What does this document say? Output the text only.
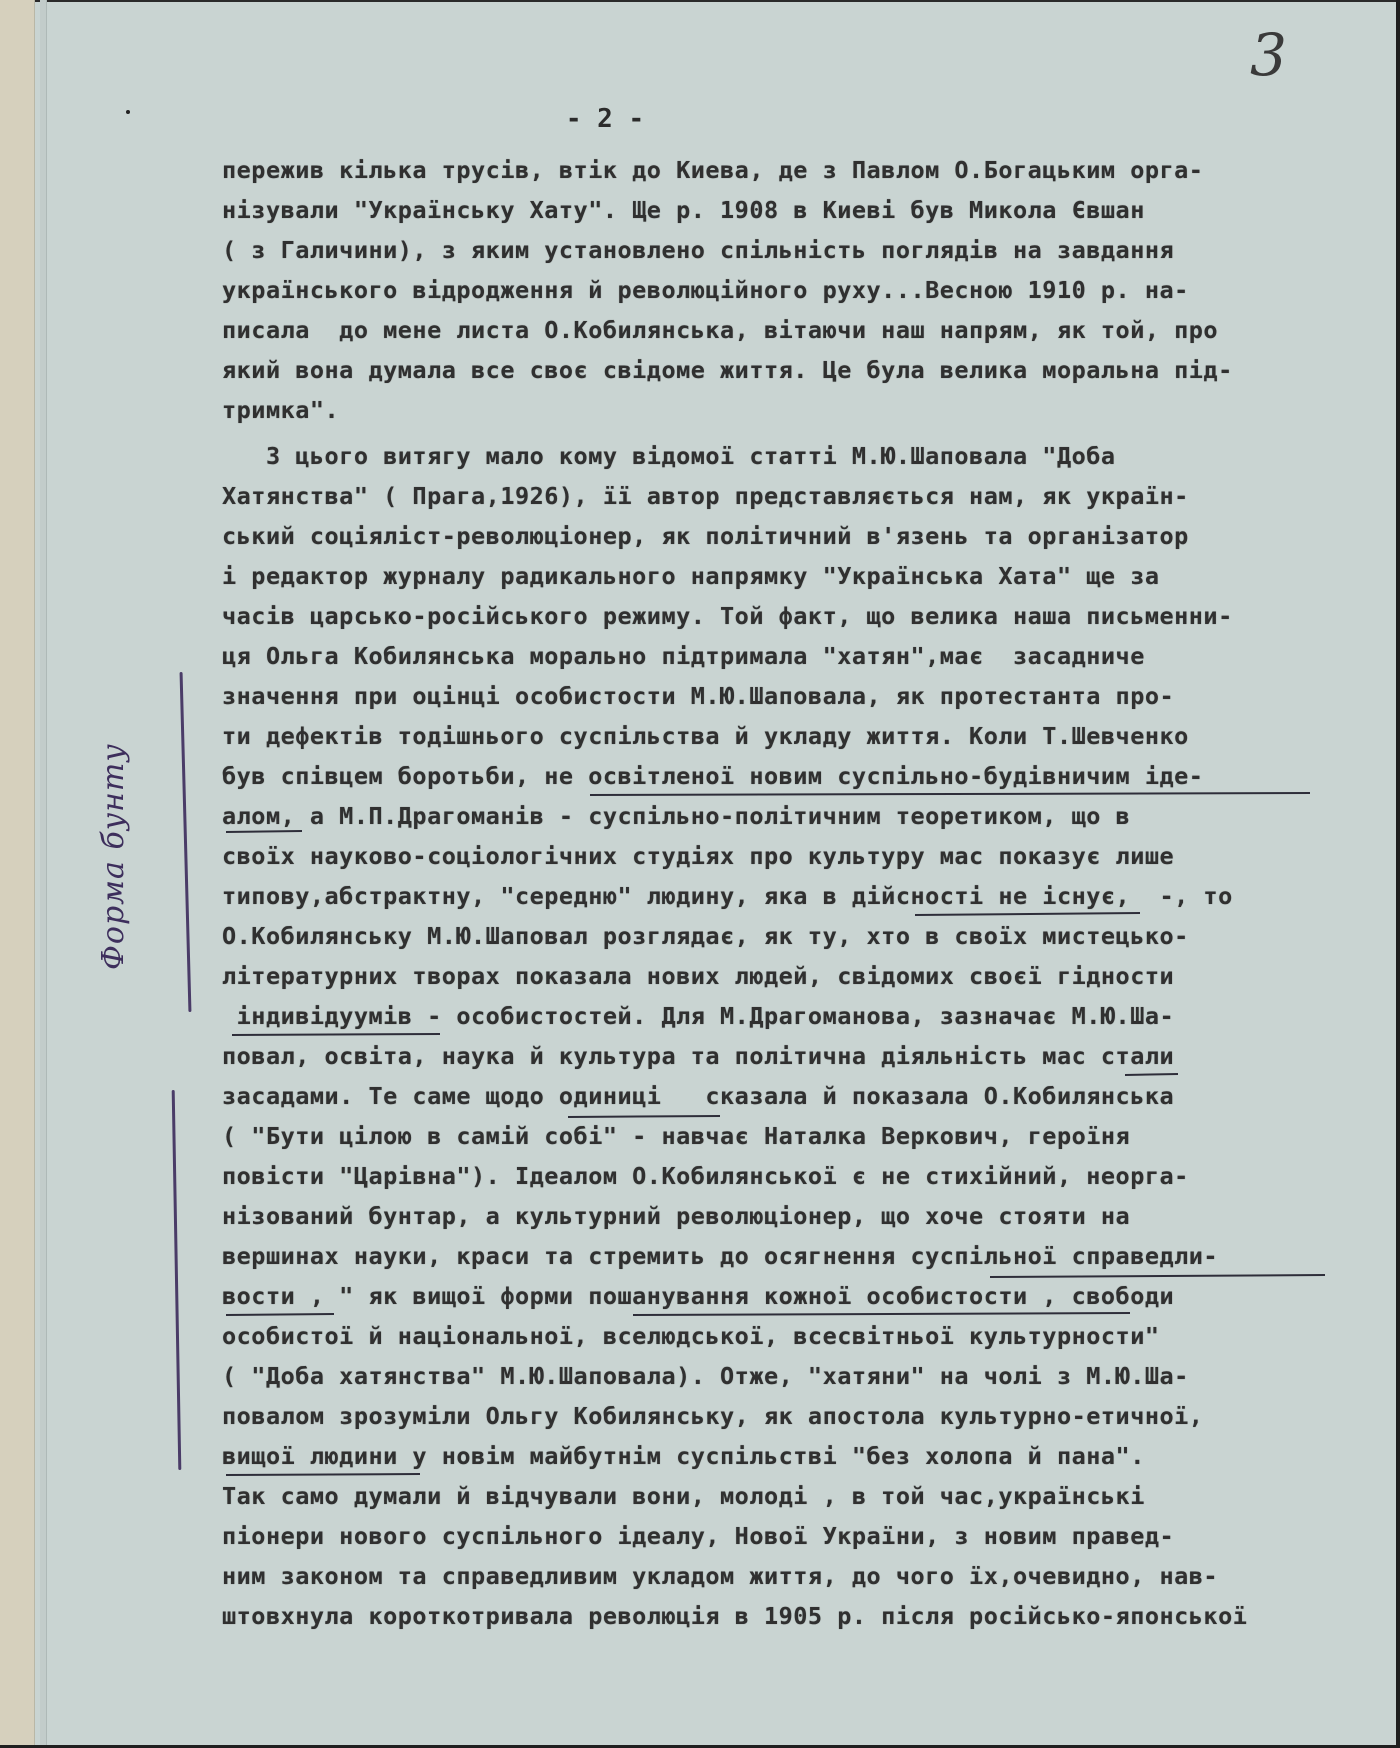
3
- 2 -
Форма бунту
пережив кілька трусів, втік до Киева, де з Павлом О.Богацьким орга-
нізували "Українську Хату". Ще р. 1908 в Киеві був Микола Євшан
( з Галичини), з яким установлено спільність поглядів на завдання
українського відродження й революційного руху...Весною 1910 р. на-
писала  до мене листа О.Кобилянська, вітаючи наш напрям, як той, про
який вона думала все своє свідоме життя. Це була велика моральна під-
тримка".
З цього витягу мало кому відомої статті М.Ю.Шаповала "Доба
Хатянства" ( Прага,1926), її автор представляється нам, як україн-
ський соціяліст-революціонер, як політичний в'язень та організатор
і редактор журналу радикального напрямку "Українська Хата" ще за
часів царсько-російського режиму. Той факт, що велика наша письменни-
ця Ольга Кобилянська морально підтримала "хатян",має  засадниче
значення при оцінці особистости М.Ю.Шаповала, як протестанта про-
ти дефектів тодішнього суспільства й укладу життя. Коли Т.Шевченко
був співцем боротьби, не освітленої новим суспільно-будівничим іде-
алом, а М.П.Драгоманів - суспільно-політичним теоретиком, що в
своїх науково-соціологічних студіях про культуру мас показує лише
типову,абстрактну, "середню" людину, яка в дійсності не існує,  -, то
О.Кобилянську М.Ю.Шаповал розглядає, як ту, хто в своїх мистецько-
літературних творах показала нових людей, свідомих своєї гідности
індивідуумів - особистостей. Для М.Драгоманова, зазначає М.Ю.Ша-
повал, освіта, наука й культура та політична діяльність мас стали
засадами. Те саме щодо одиниці   сказала й показала О.Кобилянська
( "Бути цілою в самій собі" - навчає Наталка Веркович, героїня
повісти "Царівна"). Ідеалом О.Кобилянської є не стихійний, неорга-
нізований бунтар, а культурний революціонер, що хоче стояти на
вершинах науки, краси та стремить до осягнення суспільної справедли-
вости , " як вищої форми пошанування кожної особистости , свободи
особистої й національної, вселюдської, всесвітньої культурности"
( "Доба хатянства" М.Ю.Шаповала). Отже, "хатяни" на чолі з М.Ю.Ша-
повалом зрозуміли Ольгу Кобилянську, як апостола культурно-етичної,
вищої людини у новім майбутнім суспільстві "без холопа й пана".
Так само думали й відчували вони, молоді , в той час,українські
піонери нового суспільного ідеалу, Нової України, з новим правед-
ним законом та справедливим укладом життя, до чого їх,очевидно, нав-
штовхнула короткотривала революція в 1905 р. після російсько-японської
